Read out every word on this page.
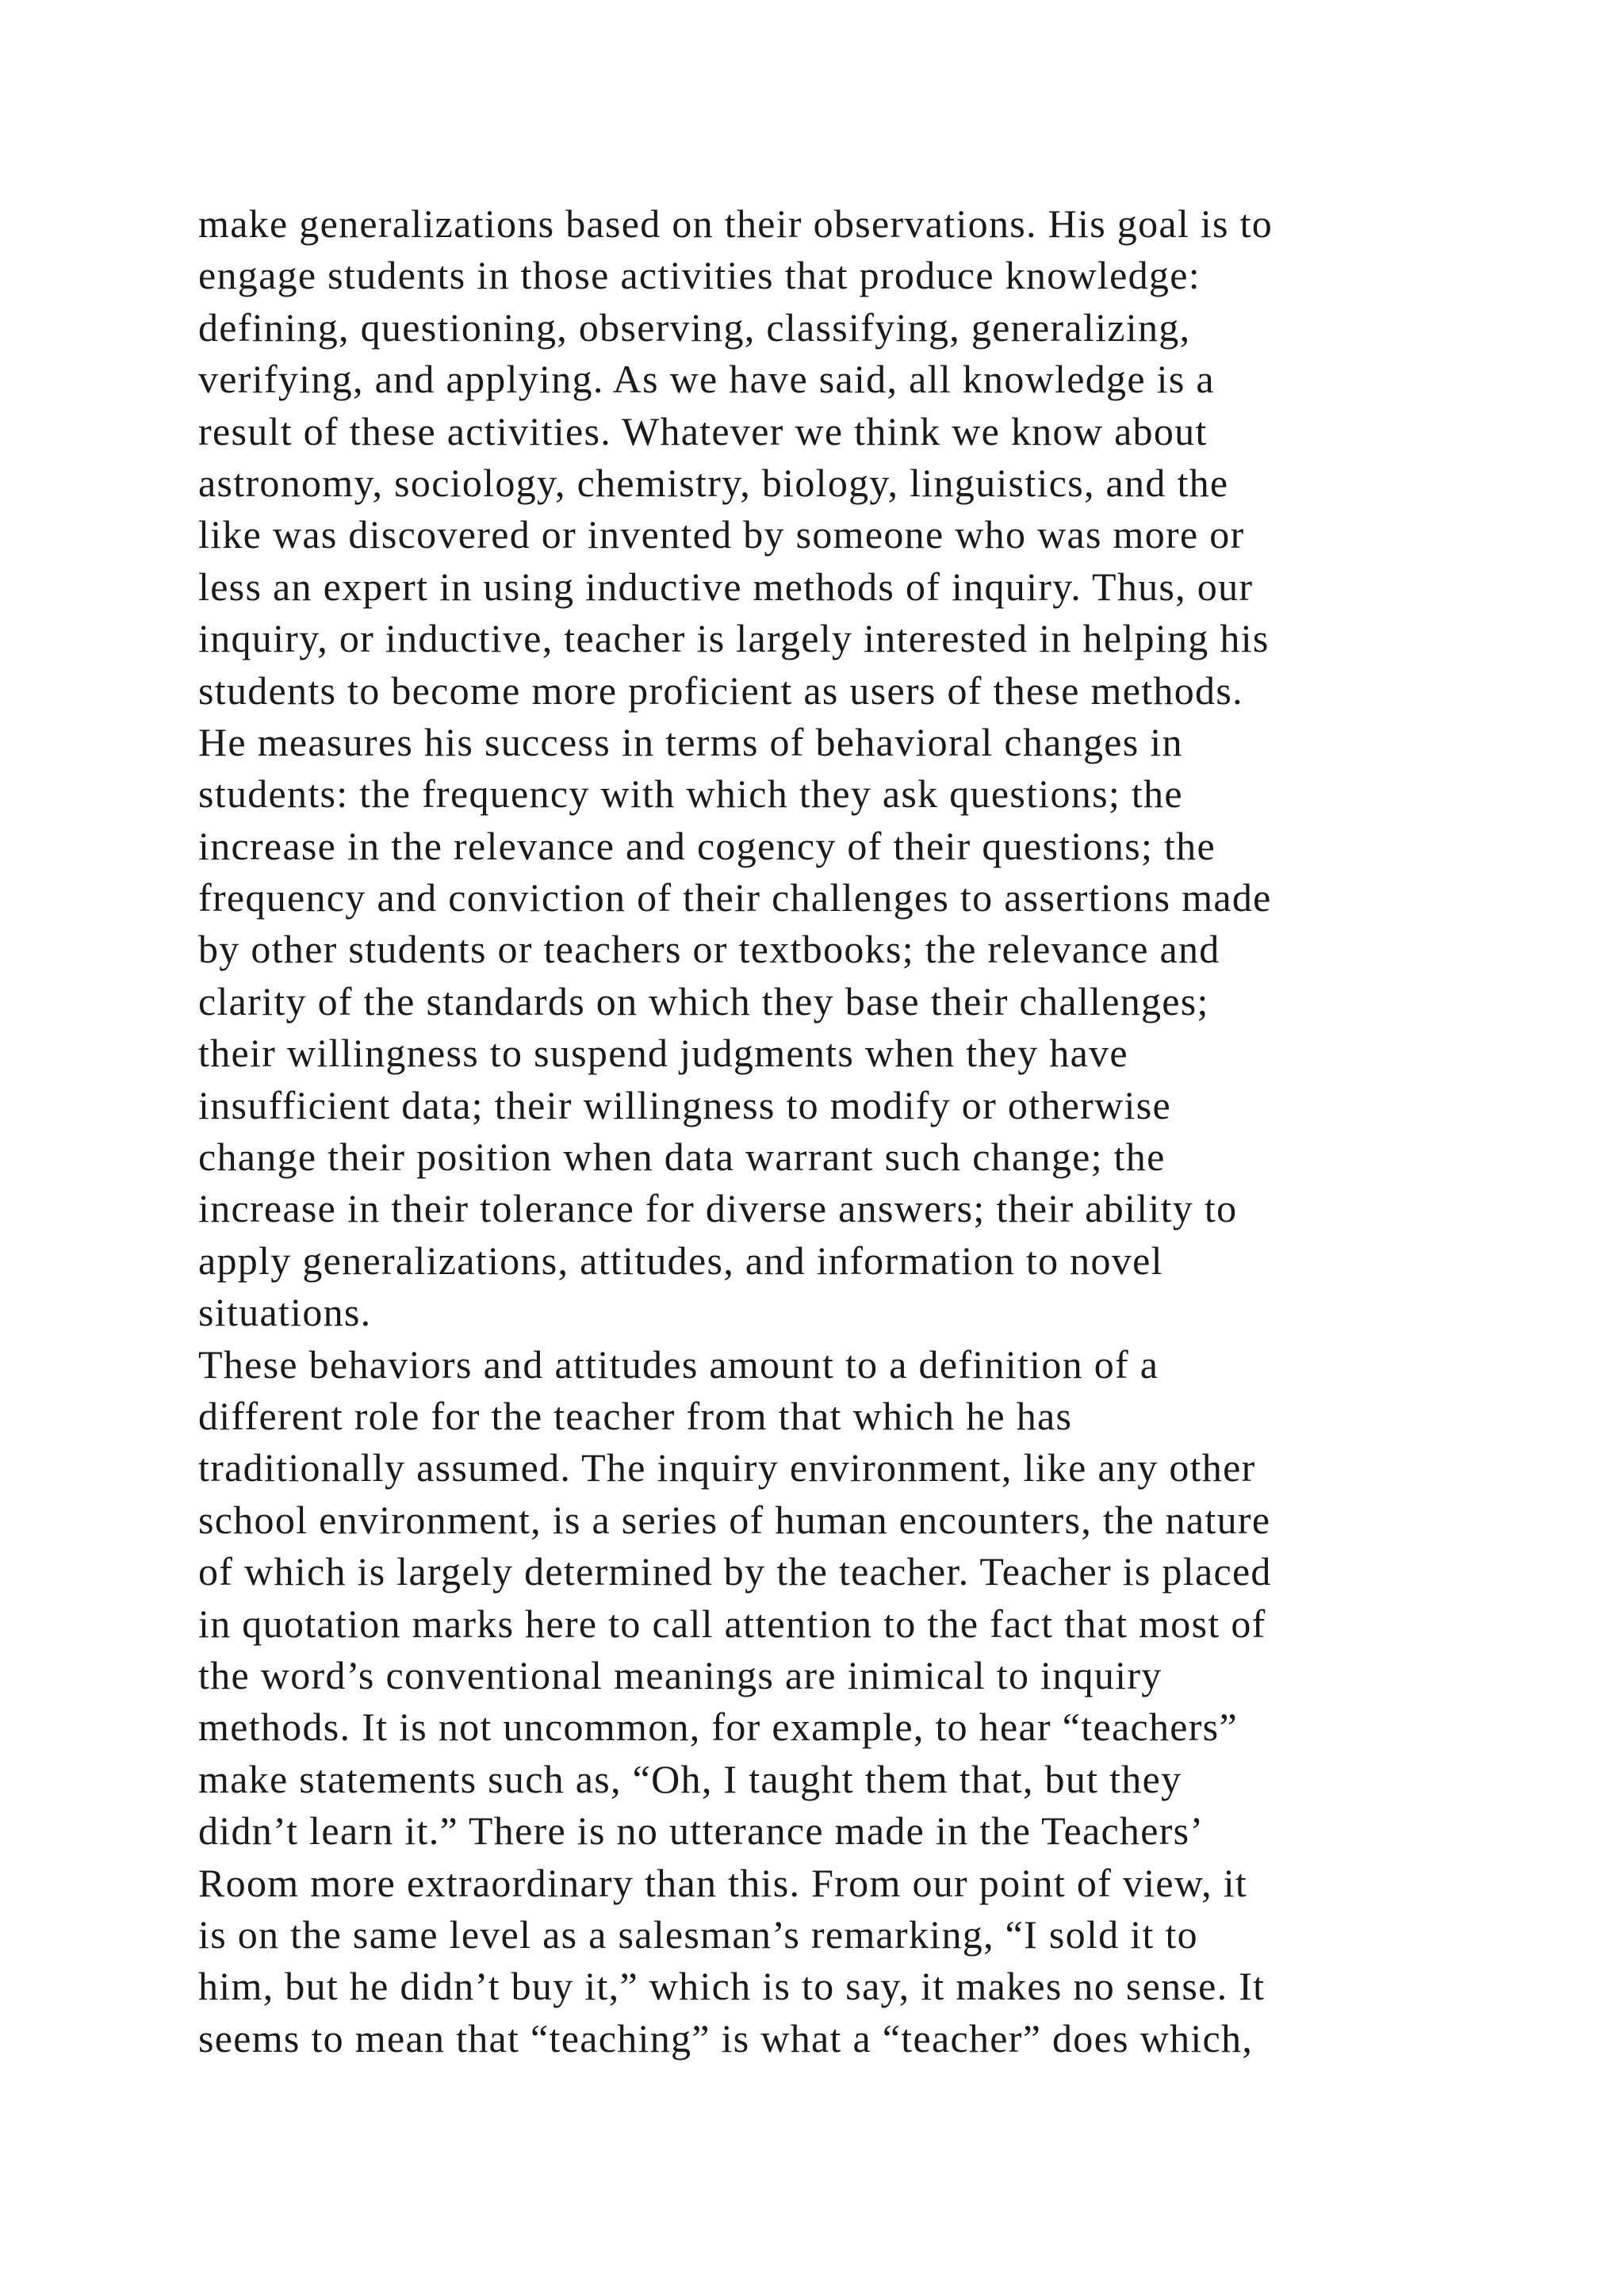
make generalizations based on their observations. His goal is to
engage students in those activities that produce knowledge:
defining, questioning, observing, classifying, generalizing,
verifying, and applying. As we have said, all knowledge is a
result of these activities. Whatever we think we know about
astronomy, sociology, chemistry, biology, linguistics, and the
like was discovered or invented by someone who was more or
less an expert in using inductive methods of inquiry. Thus, our
inquiry, or inductive, teacher is largely interested in helping his
students to become more proficient as users of these methods.
He measures his success in terms of behavioral changes in
students: the frequency with which they ask questions; the
increase in the relevance and cogency of their questions; the
frequency and conviction of their challenges to assertions made
by other students or teachers or textbooks; the relevance and
clarity of the standards on which they base their challenges;
their willingness to suspend judgments when they have
insufficient data; their willingness to modify or otherwise
change their position when data warrant such change; the
increase in their tolerance for diverse answers; their ability to
apply generalizations, attitudes, and information to novel
situations.
These behaviors and attitudes amount to a definition of a
different role for the teacher from that which he has
traditionally assumed. The inquiry environment, like any other
school environment, is a series of human encounters, the nature
of which is largely determined by the teacher. Teacher is placed
in quotation marks here to call attention to the fact that most of
the word’s conventional meanings are inimical to inquiry
methods. It is not uncommon, for example, to hear “teachers”
make statements such as, “Oh, I taught them that, but they
didn’t learn it.” There is no utterance made in the Teachers’
Room more extraordinary than this. From our point of view, it
is on the same level as a salesman’s remarking, “I sold it to
him, but he didn’t buy it,” which is to say, it makes no sense. It
seems to mean that “teaching” is what a “teacher” does which,
